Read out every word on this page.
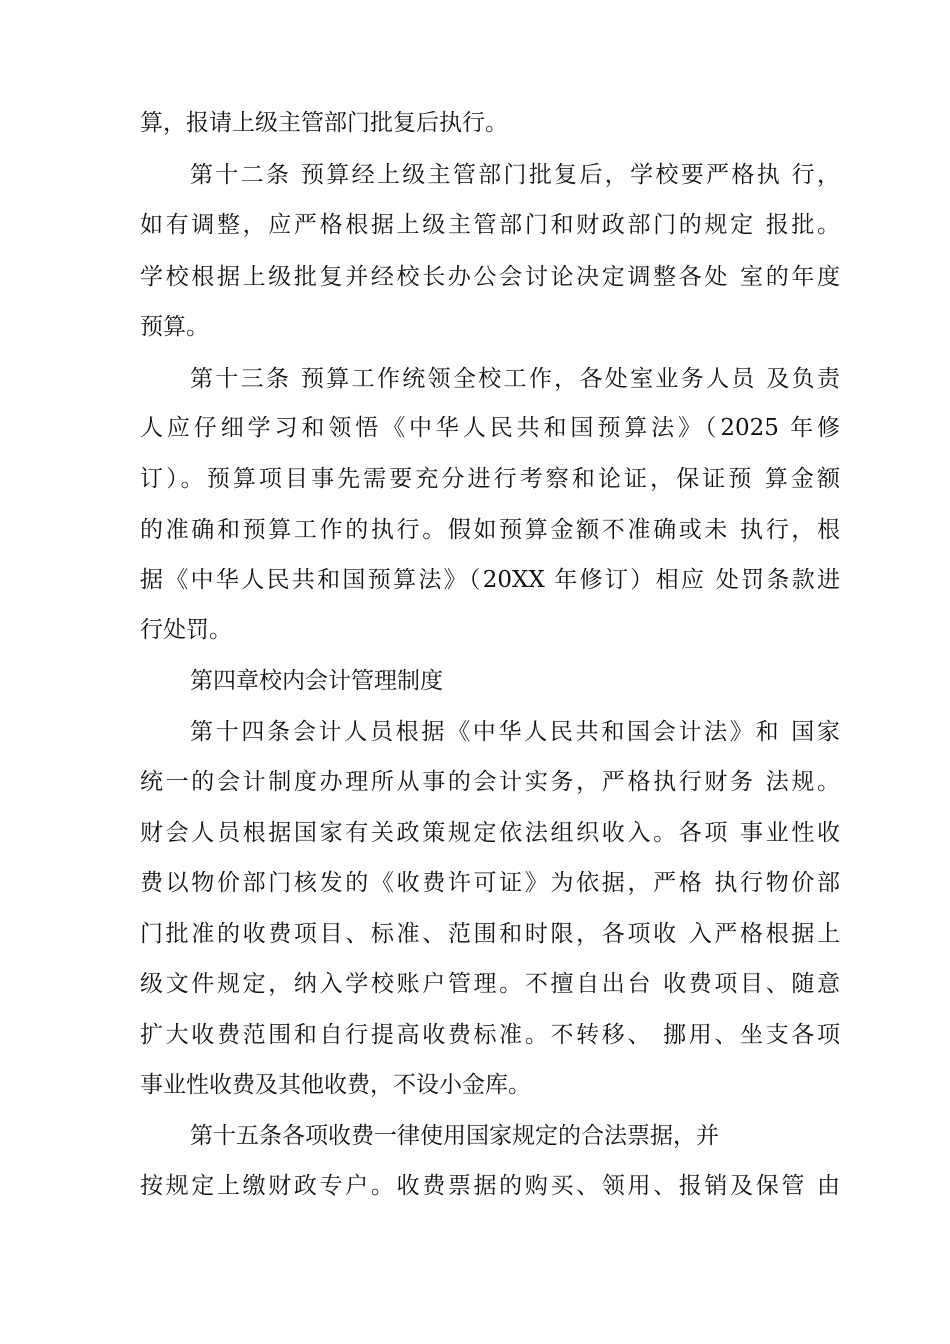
算，报请上级主管部门批复后执行。
第十二条 预算经上级主管部门批复后，学校要严格执 行，
如有调整，应严格根据上级主管部门和财政部门的规定 报批。
学校根据上级批复并经校长办公会讨论决定调整各处 室的年度
预算。
第十三条 预算工作统领全校工作，各处室业务人员 及负责
人应仔细学习和领悟《中华人民共和国预算法》（2025 年修
订）。预算项目事先需要充分进行考察和论证，保证预 算金额
的准确和预算工作的执行。假如预算金额不准确或未 执行，根
据《中华人民共和国预算法》（20XX 年修订）相应 处罚条款进
行处罚。
第四章校内会计管理制度
第十四条会计人员根据《中华人民共和国会计法》和 国家
统一的会计制度办理所从事的会计实务，严格执行财务 法规。
财会人员根据国家有关政策规定依法组织收入。各项 事业性收
费以物价部门核发的《收费许可证》为依据，严格 执行物价部
门批准的收费项目、标准、范围和时限，各项收 入严格根据上
级文件规定，纳入学校账户管理。不擅自出台 收费项目、随意
扩大收费范围和自行提高收费标准。不转移、 挪用、坐支各项
事业性收费及其他收费，不设小金库。
第十五条各项收费一律使用国家规定的合法票据，并
按规定上缴财政专户。收费票据的购买、领用、报销及保管 由
